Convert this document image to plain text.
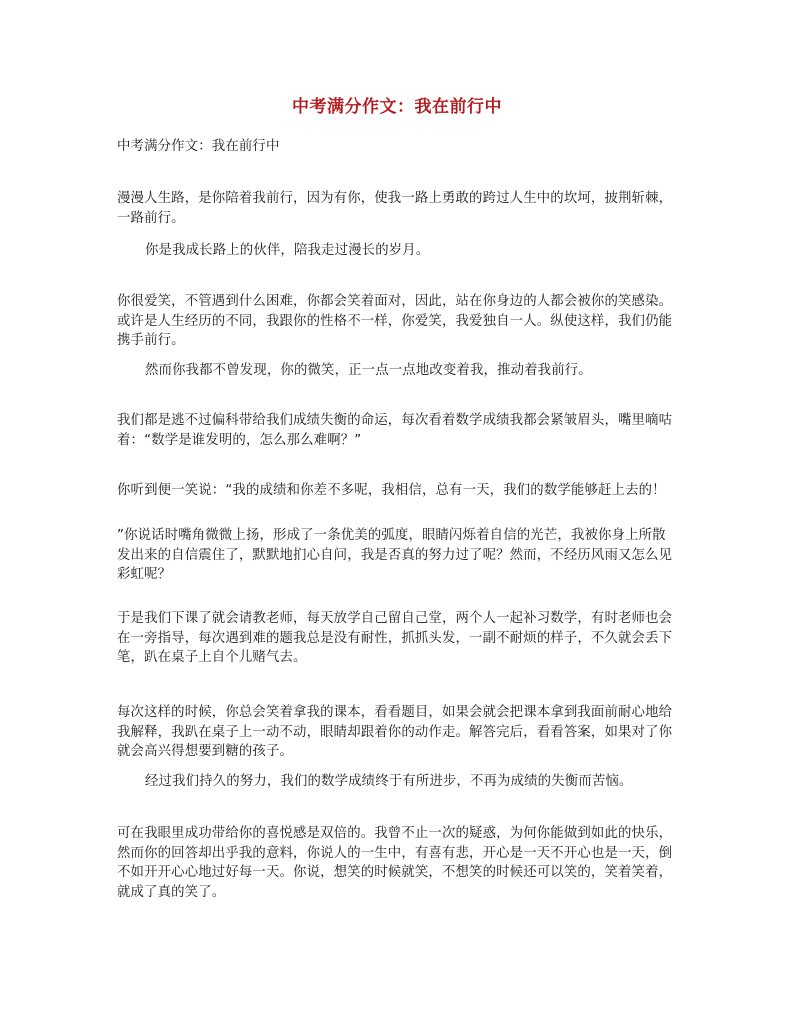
中考满分作文：我在前行中

中考满分作文：我在前行中

漫漫人生路，是你陪着我前行，因为有你，使我一路上勇敢的跨过人生中的坎坷，披荆斩棘，一路前行。

你是我成长路上的伙伴，陪我走过漫长的岁月。

你很爱笑，不管遇到什么困难，你都会笑着面对，因此，站在你身边的人都会被你的笑感染。或许是人生经历的不同，我跟你的性格不一样，你爱笑，我爱独自一人。纵使这样，我们仍能携手前行。

然而你我都不曾发现，你的微笑，正一点一点地改变着我，推动着我前行。

我们都是逃不过偏科带给我们成绩失衡的命运，每次看着数学成绩我都会紧皱眉头，嘴里嘀咕着：“数学是谁发明的，怎么那么难啊？”

你听到便一笑说：“我的成绩和你差不多呢，我相信，总有一天，我们的数学能够赶上去的！

”你说话时嘴角微微上扬，形成了一条优美的弧度，眼睛闪烁着自信的光芒，我被你身上所散发出来的自信震住了，默默地扪心自问，我是否真的努力过了呢？然而，不经历风雨又怎么见彩虹呢？

于是我们下课了就会请教老师，每天放学自己留自己堂，两个人一起补习数学，有时老师也会在一旁指导，每次遇到难的题我总是没有耐性，抓抓头发，一副不耐烦的样子，不久就会丢下笔，趴在桌子上自个儿赌气去。

每次这样的时候，你总会笑着拿我的课本，看看题目，如果会就会把课本拿到我面前耐心地给我解释，我趴在桌子上一动不动，眼睛却跟着你的动作走。解答完后，看看答案，如果对了你就会高兴得想要到糖的孩子。

经过我们持久的努力，我们的数学成绩终于有所进步，不再为成绩的失衡而苦恼。

可在我眼里成功带给你的喜悦感是双倍的。我曾不止一次的疑惑，为何你能做到如此的快乐，然而你的回答却出乎我的意料，你说人的一生中，有喜有悲，开心是一天不开心也是一天，倒不如开开心心地过好每一天。你说，想笑的时候就笑，不想笑的时候还可以笑的，笑着笑着，就成了真的笑了。
